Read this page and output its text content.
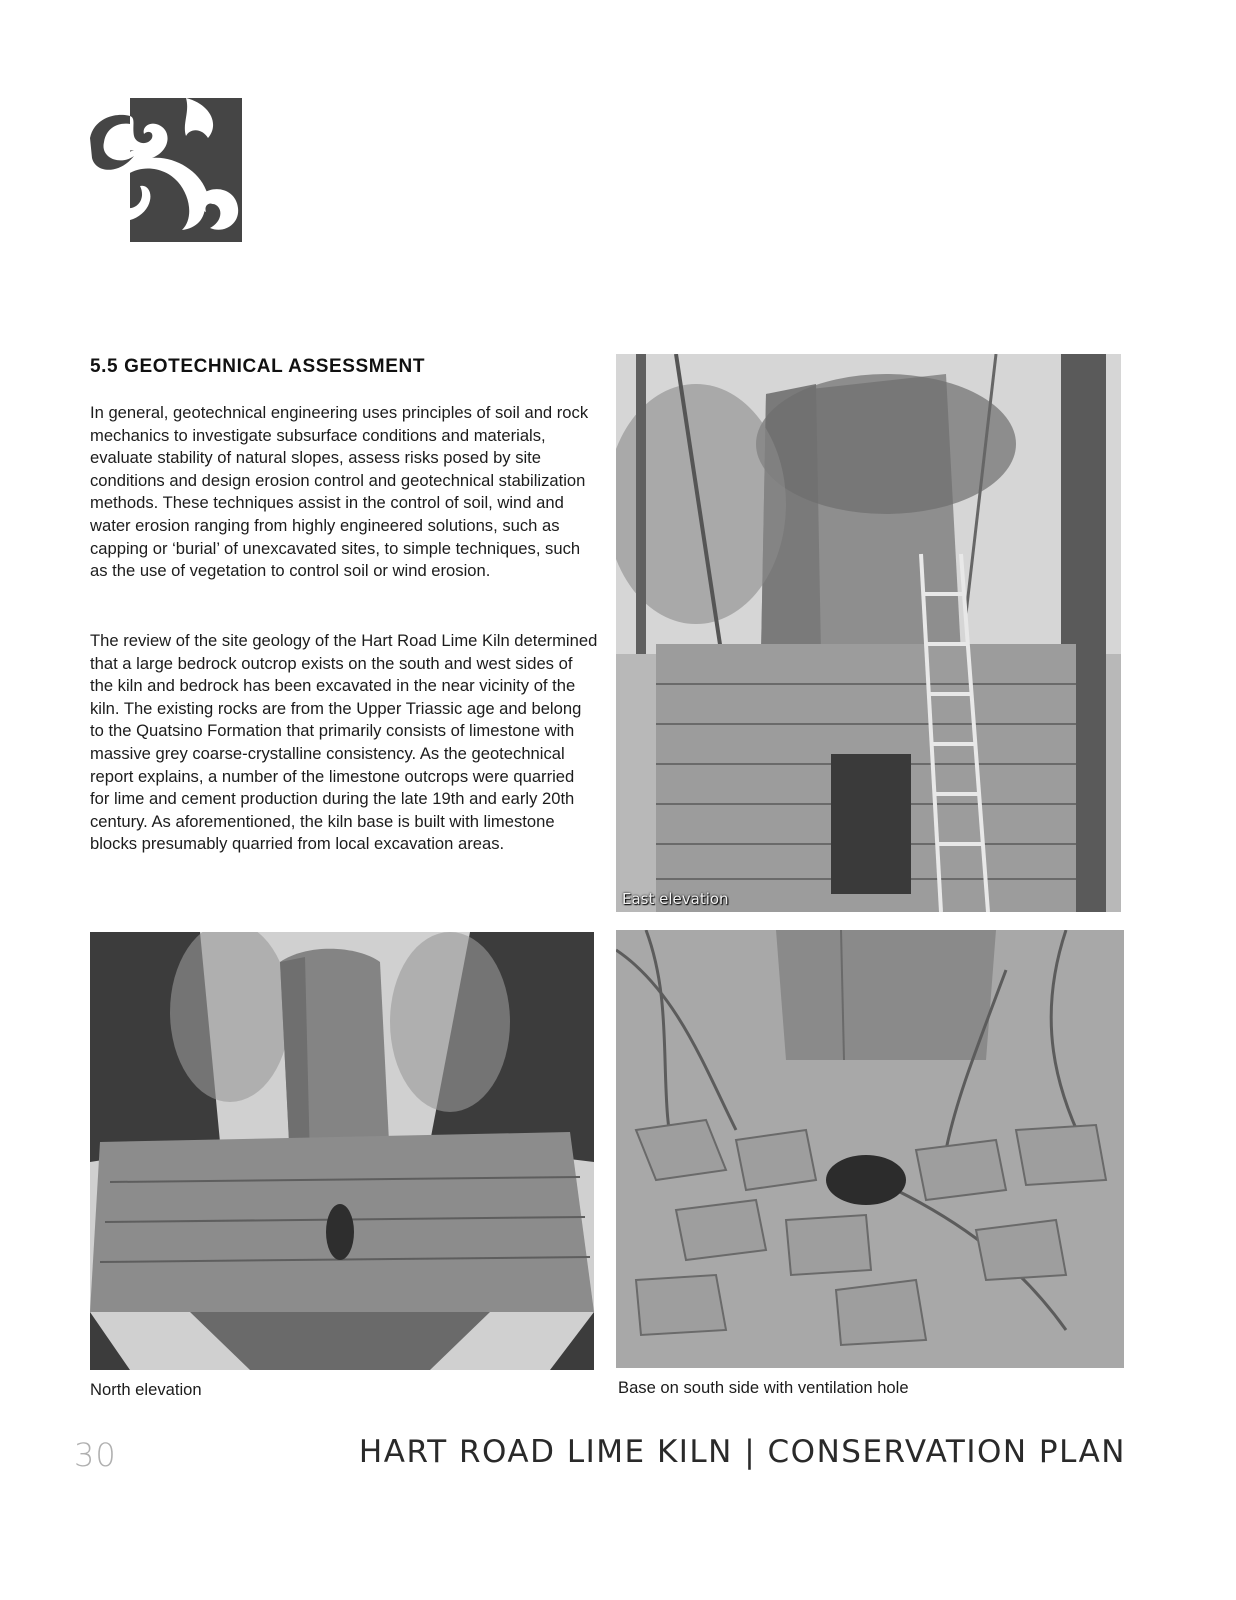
5.5 GEOTECHNICAL ASSESSMENT

In general, geotechnical engineering uses principles of soil and rock mechanics to investigate subsurface conditions and materials, evaluate stability of natural slopes, assess risks posed by site conditions and design erosion control and geotechnical stabilization methods. These techniques assist in the control of soil, wind and water erosion ranging from highly engineered solutions, such as capping or ‘burial’ of unexcavated sites, to simple techniques, such as the use of vegetation to control soil or wind erosion.

The review of the site geology of the Hart Road Lime Kiln determined that a large bedrock outcrop exists on the south and west sides of the kiln and bedrock has been excavated in the near vicinity of the kiln. The existing rocks are from the Upper Triassic age and belong to the Quatsino Formation that primarily consists of limestone with massive grey coarse-crystalline consistency. As the geotechnical report explains, a number of the limestone outcrops were quarried for lime and cement production during the late 19th and early 20th century. As aforementioned, the kiln base is built with limestone blocks presumably quarried from local excavation areas.

East elevation
North elevation	Base on south side with ventilation hole
30	HART ROAD LIME KILN | CONSERVATION PLAN
